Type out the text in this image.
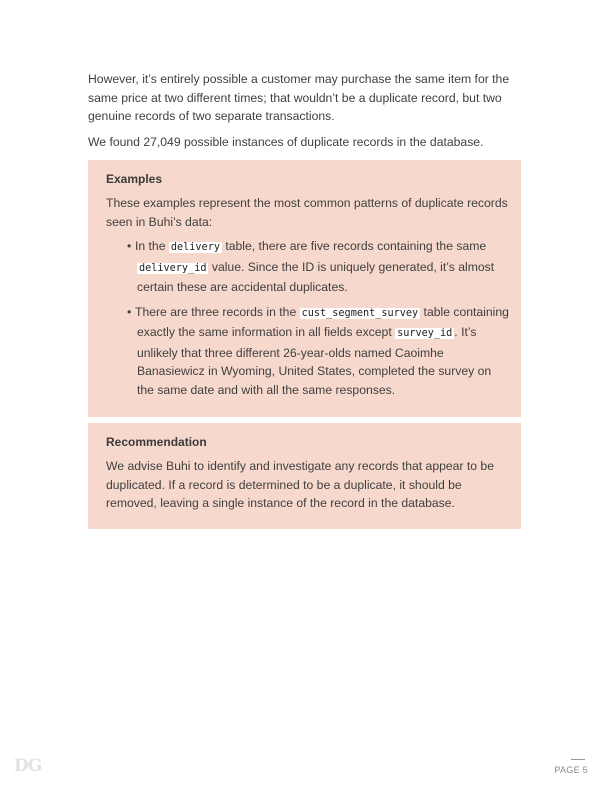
However, it’s entirely possible a customer may purchase the same item for the same price at two different times; that wouldn’t be a duplicate record, but two genuine records of two separate transactions.

We found 27,049 possible instances of duplicate records in the database.

Examples

These examples represent the most common patterns of duplicate records seen in Buhi’s data:

• In the delivery table, there are five records containing the same delivery_id value. Since the ID is uniquely generated, it’s almost certain these are accidental duplicates.
• There are three records in the cust_segment_survey table containing exactly the same information in all fields except survey_id . It’s unlikely that three different 26-year-olds named Caoimhe Banasiewicz in Wyoming, United States, completed the survey on the same date and with all the same responses.

Recommendation

We advise Buhi to identify and investigate any records that appear to be duplicated. If a record is determined to be a duplicate, it should be removed, leaving a single instance of the record in the database.

DG	PAGE 5
